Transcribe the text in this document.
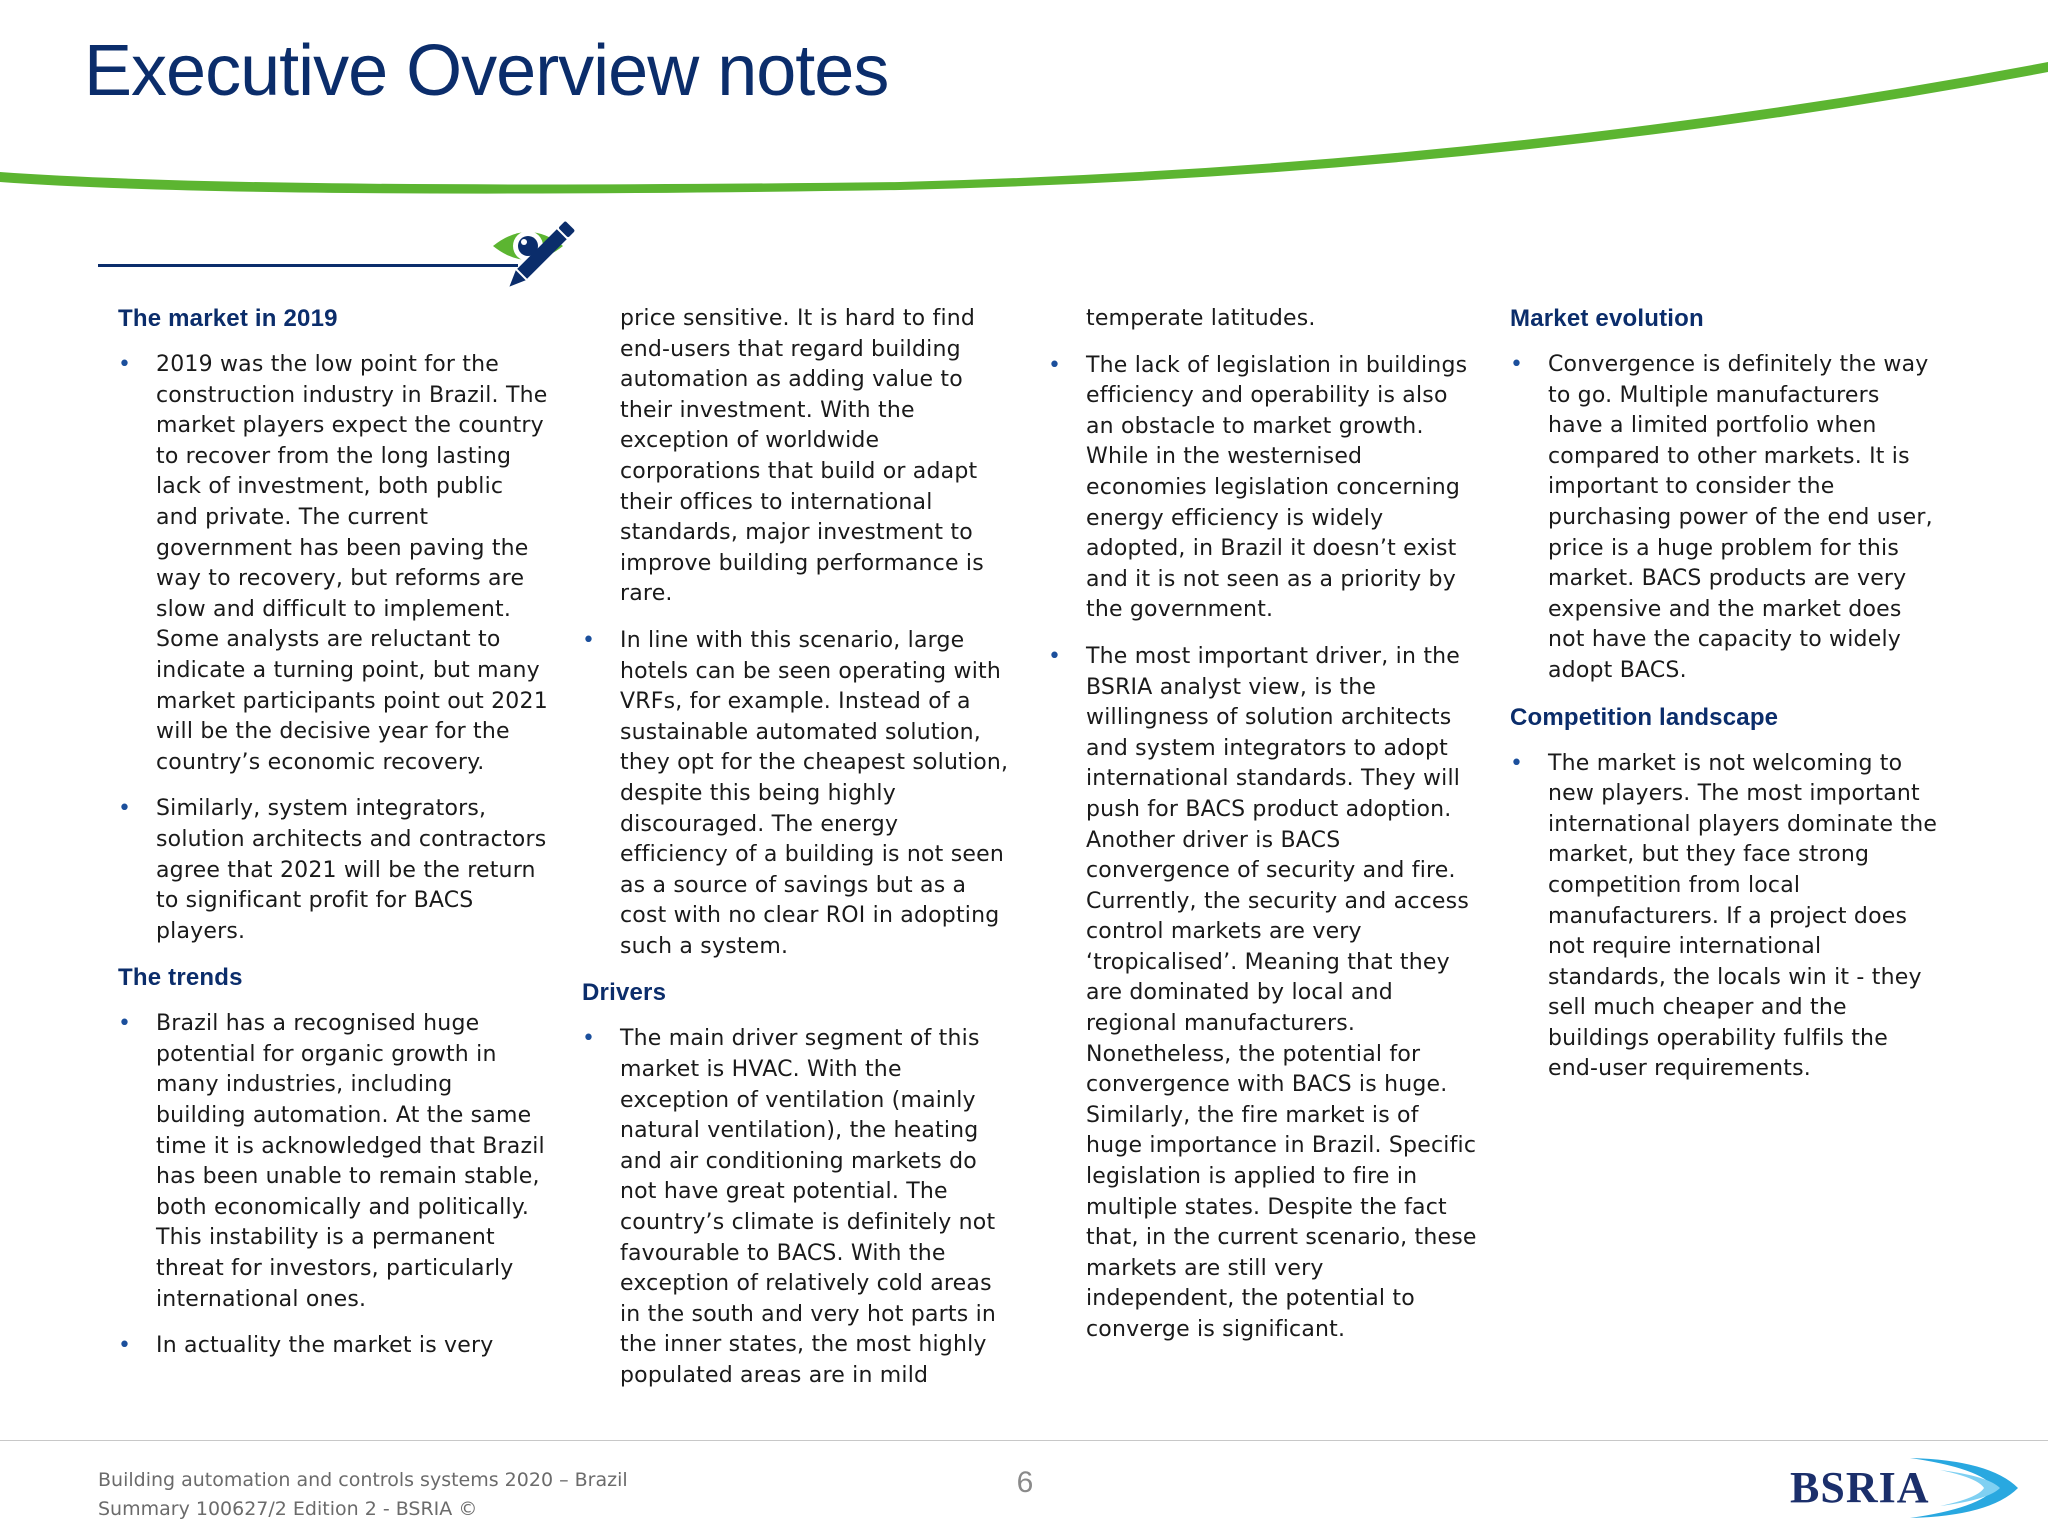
Executive Overview notes
The market in 2019
• 2019 was the low point for the construction industry in Brazil. The market players expect the country to recover from the long lasting lack of investment, both public and private. The current government has been paving the way to recovery, but reforms are slow and difficult to implement. Some analysts are reluctant to indicate a turning point, but many market participants point out 2021 will be the decisive year for the country’s economic recovery.
• Similarly, system integrators, solution architects and contractors agree that 2021 will be the return to significant profit for BACS players.
The trends
• Brazil has a recognised huge potential for organic growth in many industries, including building automation. At the same time it is acknowledged that Brazil has been unable to remain stable, both economically and politically. This instability is a permanent threat for investors, particularly international ones.
• In actuality the market is very
price sensitive. It is hard to find end-users that regard building automation as adding value to their investment. With the exception of worldwide corporations that build or adapt their offices to international standards, major investment to improve building performance is rare.
• In line with this scenario, large hotels can be seen operating with VRFs, for example. Instead of a sustainable automated solution, they opt for the cheapest solution, despite this being highly discouraged. The energy efficiency of a building is not seen as a source of savings but as a cost with no clear ROI in adopting such a system.
Drivers
• The main driver segment of this market is HVAC. With the exception of ventilation (mainly natural ventilation), the heating and air conditioning markets do not have great potential. The country’s climate is definitely not favourable to BACS. With the exception of relatively cold areas in the south and very hot parts in the inner states, the most highly populated areas are in mild
temperate latitudes.
• The lack of legislation in buildings efficiency and operability is also an obstacle to market growth. While in the westernised economies legislation concerning energy efficiency is widely adopted, in Brazil it doesn’t exist and it is not seen as a priority by the government.
• The most important driver, in the BSRIA analyst view, is the willingness of solution architects and system integrators to adopt international standards. They will push for BACS product adoption. Another driver is BACS convergence of security and fire. Currently, the security and access control markets are very ‘tropicalised’. Meaning that they are dominated by local and regional manufacturers. Nonetheless, the potential for convergence with BACS is huge. Similarly, the fire market is of huge importance in Brazil. Specific legislation is applied to fire in multiple states. Despite the fact that, in the current scenario, these markets are still very independent, the potential to converge is significant.
Market evolution
• Convergence is definitely the way to go. Multiple manufacturers have a limited portfolio when compared to other markets. It is important to consider the purchasing power of the end user, price is a huge problem for this market. BACS products are very expensive and the market does not have the capacity to widely adopt BACS.
Competition landscape
• The market is not welcoming to new players. The most important international players dominate the market, but they face strong competition from local manufacturers. If a project does not require international standards, the locals win it - they sell much cheaper and the buildings operability fulfils the end-user requirements.
Building automation and controls systems 2020 – Brazil
Summary 100627/2 Edition 2 - BSRIA ©
6	BSRIA
